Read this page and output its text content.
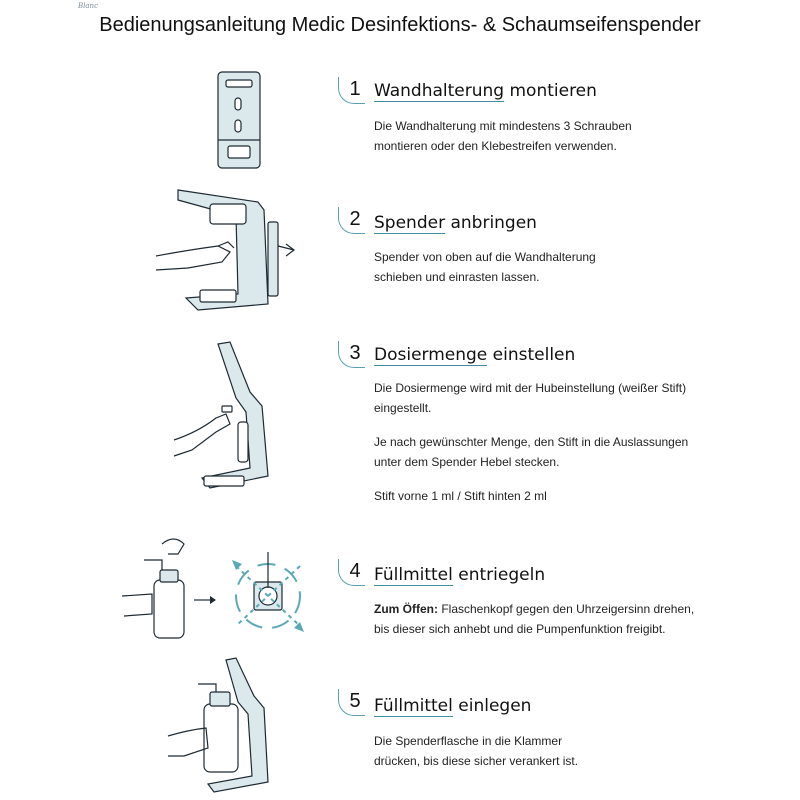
Blanc
Bedienungsanleitung Medic Desinfektions- & Schaumseifenspender
1 Wandhalterung montieren

Die Wandhalterung mit mindestens 3 Schrauben

montieren oder den Klebestreifen verwenden.

2 Spender anbringen

Spender von oben auf die Wandhalterung

schieben und einrasten lassen.

3 Dosiermenge einstellen

Die Dosiermenge wird mit der Hubeinstellung (weißer Stift)

eingestellt.

Je nach gewünschter Menge, den Stift in die Auslassungen

unter dem Spender Hebel stecken.

Stift vorne 1 ml / Stift hinten 2 ml

4 Füllmittel entriegeln

Zum Öffen: Flaschenkopf gegen den Uhrzeigersinn drehen,

bis dieser sich anhebt und die Pumpenfunktion freigibt.

5 Füllmittel einlegen

Die Spenderflasche in die Klammer

drücken, bis diese sicher verankert ist.
